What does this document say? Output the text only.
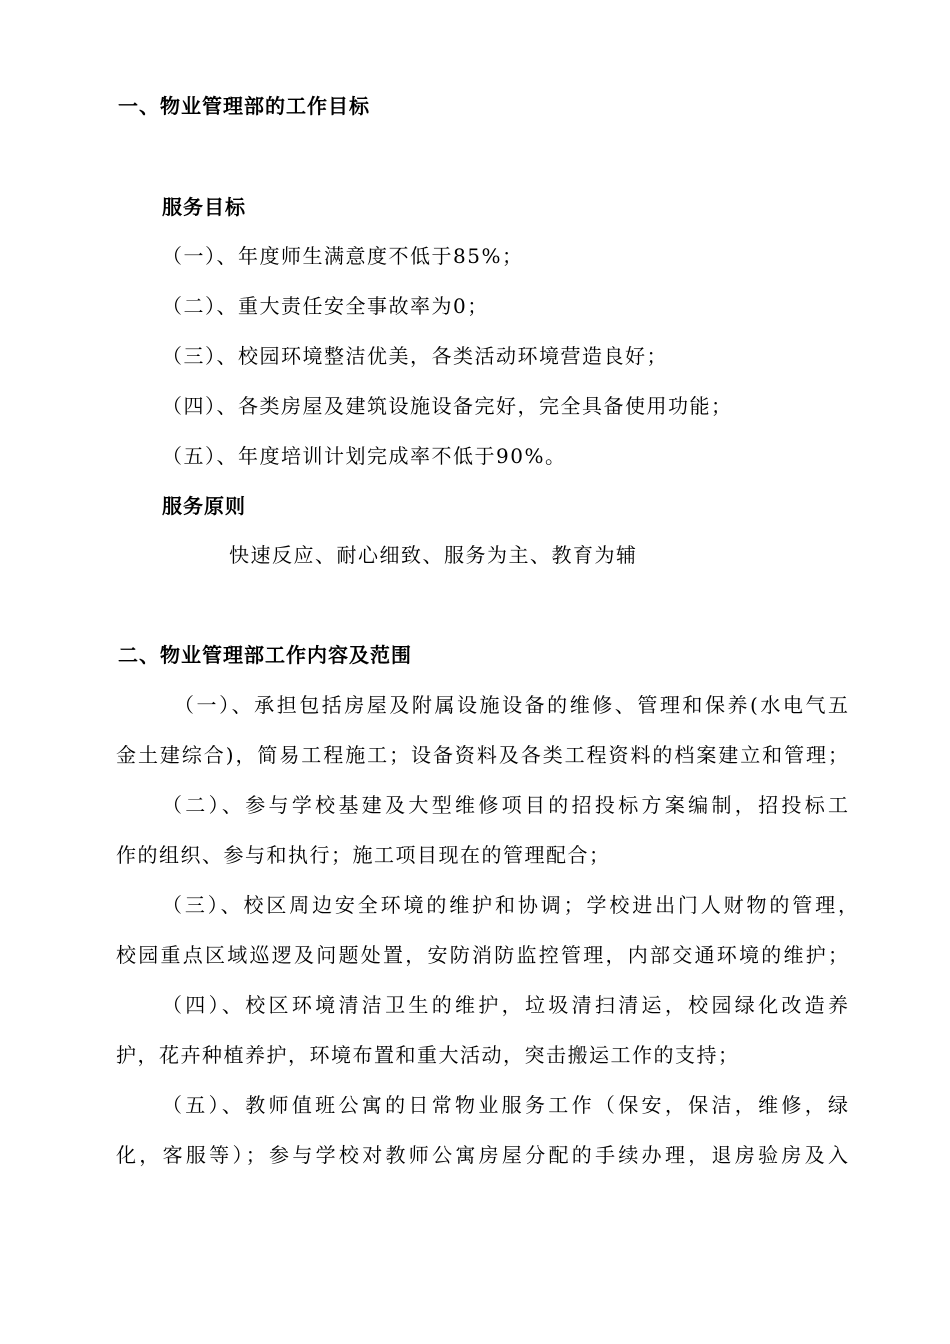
一、物业管理部的工作目标
服务目标
（一）、年度师生满意度不低于85%；
（二）、重大责任安全事故率为0；
（三）、校园环境整洁优美，各类活动环境营造良好；
（四）、各类房屋及建筑设施设备完好，完全具备使用功能；
（五）、年度培训计划完成率不低于90%。
服务原则
快速反应、耐心细致、服务为主、教育为辅
二、物业管理部工作内容及范围
（一）、承担包括房屋及附属设施设备的维修、管理和保养(水电气五
金土建综合)，简易工程施工；设备资料及各类工程资料的档案建立和管理；
（二）、参与学校基建及大型维修项目的招投标方案编制，招投标工
作的组织、参与和执行；施工项目现在的管理配合；
（三）、校区周边安全环境的维护和协调；学校进出门人财物的管理，
校园重点区域巡逻及问题处置，安防消防监控管理，内部交通环境的维护；
（四）、校区环境清洁卫生的维护，垃圾清扫清运，校园绿化改造养
护，花卉种植养护，环境布置和重大活动，突击搬运工作的支持；
（五）、教师值班公寓的日常物业服务工作（保安，保洁，维修，绿
化，客服等）；参与学校对教师公寓房屋分配的手续办理，退房验房及入
